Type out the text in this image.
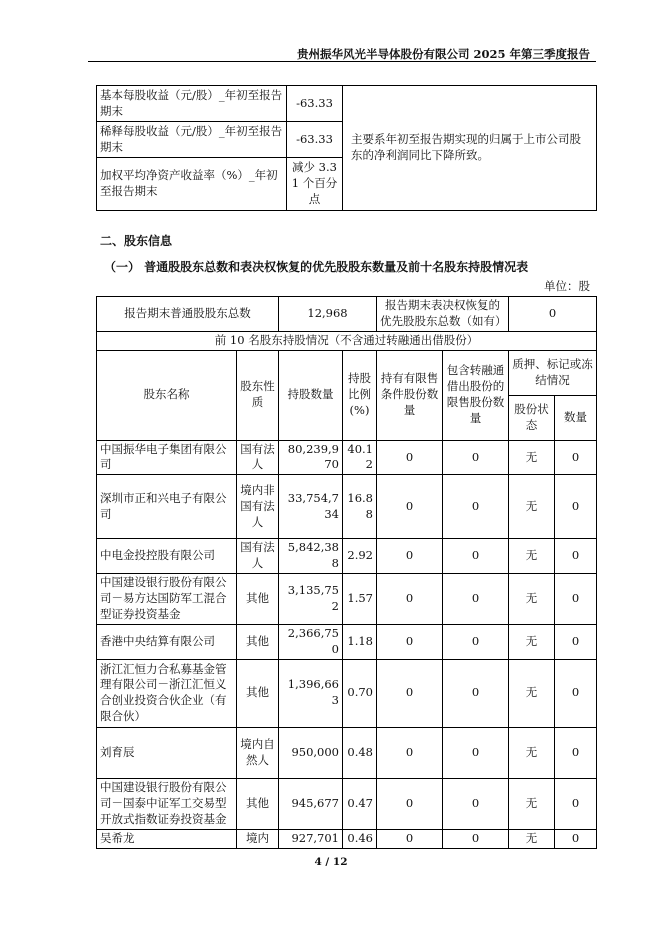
贵州振华风光半导体股份有限公司 2025 年第三季度报告
基本每股收益（元/股）_年初至报告期末	-63.33	主要系年初至报告期实现的归属于上市公司股东的净利润同比下降所致。
稀释每股收益（元/股）_年初至报告期末	-63.33	
加权平均净资产收益率（%）_年初至报告期末	减少 3.31 个百分点	
二、股东信息
（一） 普通股股东总数和表决权恢复的优先股股东数量及前十名股东持股情况表
单位：股
报告期末普通股股东总数		12,968		报告期末表决权恢复的优先股股东总数（如有）		0	
前 10 名股东持股情况（不含通过转融通出借股份）							
股东名称	股东性质	持股数量	持股比例(%)	持有有限售条件股份数量	包含转融通借出股份的限售股份数量	质押、标记或冻结情况	
						股份状态	数量
中国振华电子集团有限公司	国有法人	80,239,970	40.12	0	0	无	0
深圳市正和兴电子有限公司	境内非国有法人	33,754,734	16.88	0	0	无	0
中电金投控股有限公司	国有法人	5,842,388	2.92	0	0	无	0
中国建设银行股份有限公司－易方达国防军工混合型证券投资基金	其他	3,135,752	1.57	0	0	无	0
香港中央结算有限公司	其他	2,366,750	1.18	0	0	无	0
浙江汇恒力合私募基金管理有限公司－浙江汇恒义合创业投资合伙企业（有限合伙）	其他	1,396,663	0.70	0	0	无	0
刘育辰	境内自然人	950,000	0.48	0	0	无	0
中国建设银行股份有限公司－国泰中证军工交易型开放式指数证券投资基金	其他	945,677	0.47	0	0	无	0
吴希龙	境内	927,701	0.46	0	0	无	0
4 / 12
